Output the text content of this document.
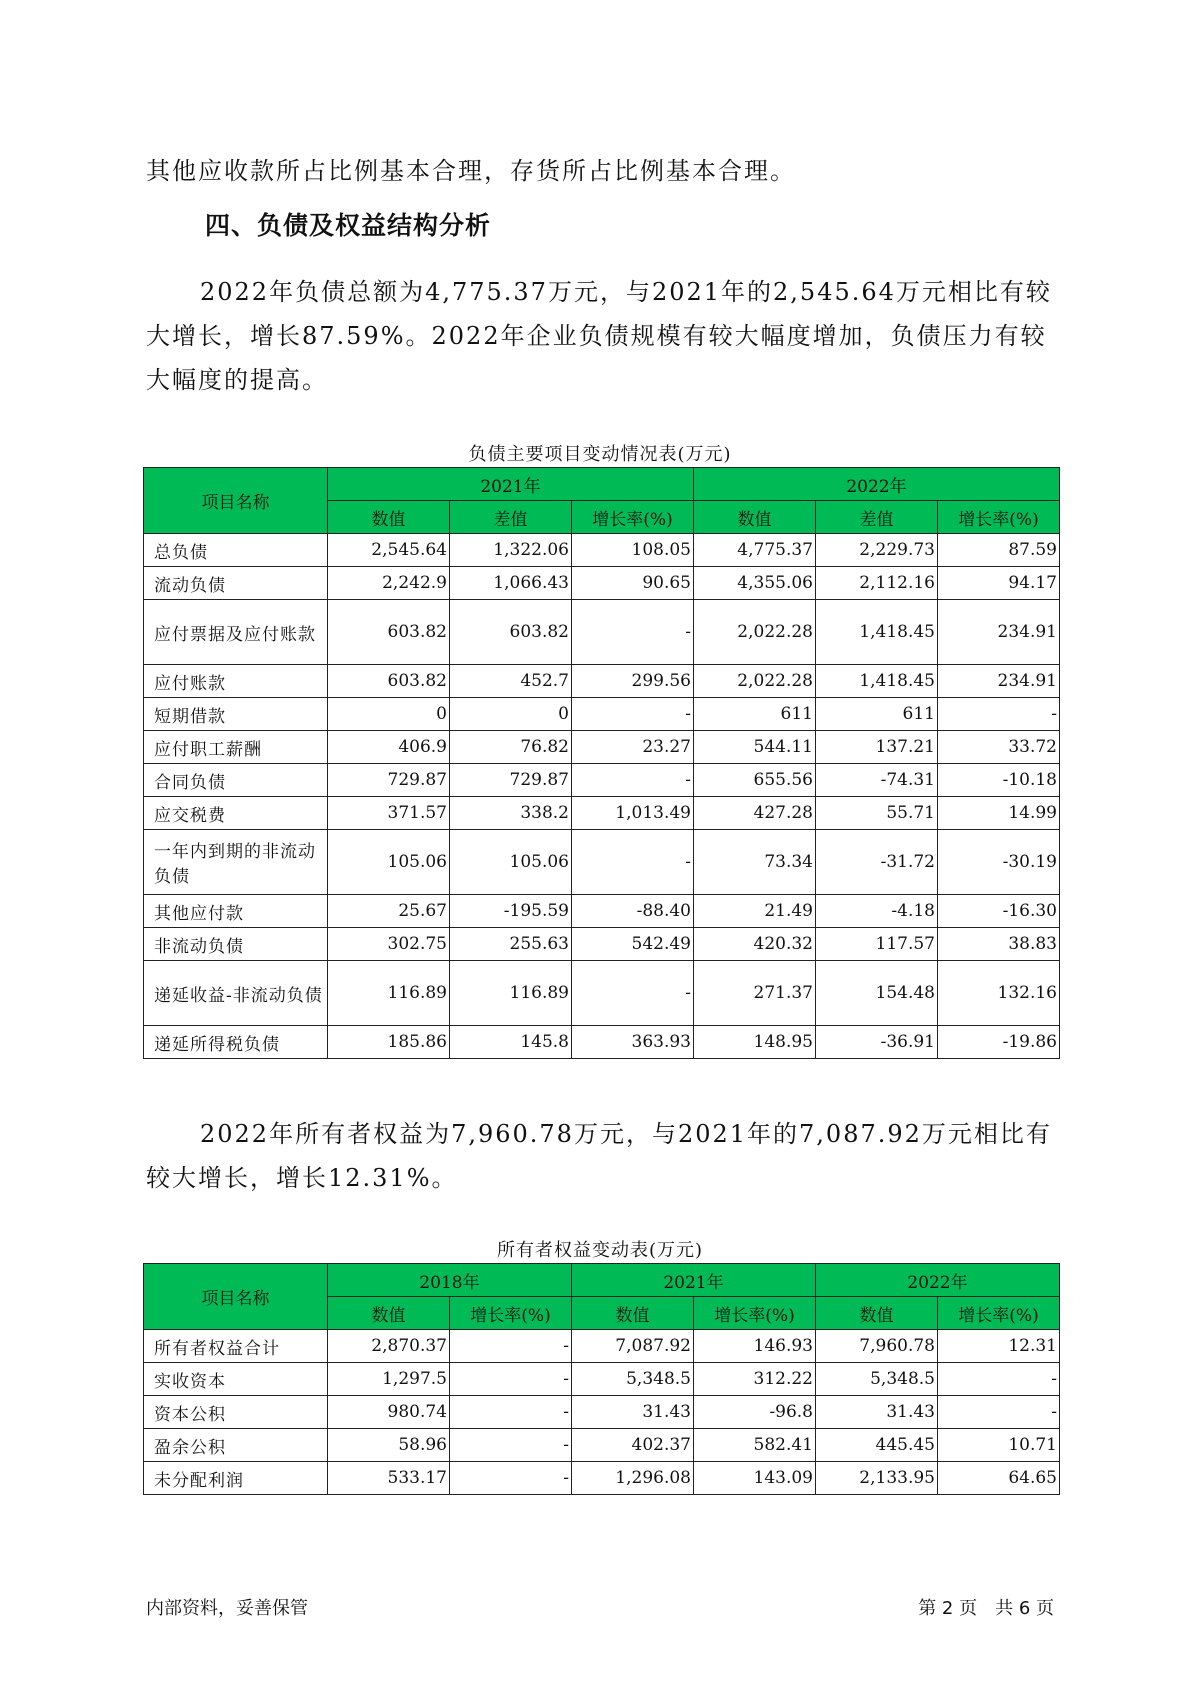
其他应收款所占比例基本合理，存货所占比例基本合理。

四、负债及权益结构分析

2022年负债总额为4,775.37万元，与2021年的2,545.64万元相比有较大增长，增长87.59%。2022年企业负债规模有较大幅度增加，负债压力有较大幅度的提高。

负债主要项目变动情况表(万元)
项目名称	2021年			2022年		
	数值	差值	增长率(%)	数值	差值	增长率(%)
总负债	2,545.64	1,322.06	108.05	4,775.37	2,229.73	87.59
流动负债	2,242.9	1,066.43	90.65	4,355.06	2,112.16	94.17
应付票据及应付账款	603.82	603.82	-	2,022.28	1,418.45	234.91
应付账款	603.82	452.7	299.56	2,022.28	1,418.45	234.91
短期借款	0	0	-	611	611	-
应付职工薪酬	406.9	76.82	23.27	544.11	137.21	33.72
合同负债	729.87	729.87	-	655.56	-74.31	-10.18
应交税费	371.57	338.2	1,013.49	427.28	55.71	14.99
一年内到期的非流动负债	105.06	105.06	-	73.34	-31.72	-30.19
其他应付款	25.67	-195.59	-88.40	21.49	-4.18	-16.30
非流动负债	302.75	255.63	542.49	420.32	117.57	38.83
递延收益-非流动负债	116.89	116.89	-	271.37	154.48	132.16
递延所得税负债	185.86	145.8	363.93	148.95	-36.91	-19.86

2022年所有者权益为7,960.78万元，与2021年的7,087.92万元相比有较大增长，增长12.31%。

所有者权益变动表(万元)
项目名称	2018年		2021年		2022年	
	数值	增长率(%)	数值	增长率(%)	数值	增长率(%)
所有者权益合计	2,870.37	-	7,087.92	146.93	7,960.78	12.31
实收资本	1,297.5	-	5,348.5	312.22	5,348.5	-
资本公积	980.74	-	31.43	-96.8	31.43	-
盈余公积	58.96	-	402.37	582.41	445.45	10.71
未分配利润	533.17	-	1,296.08	143.09	2,133.95	64.65
内部资料，妥善保管	第 2 页　共 6 页
